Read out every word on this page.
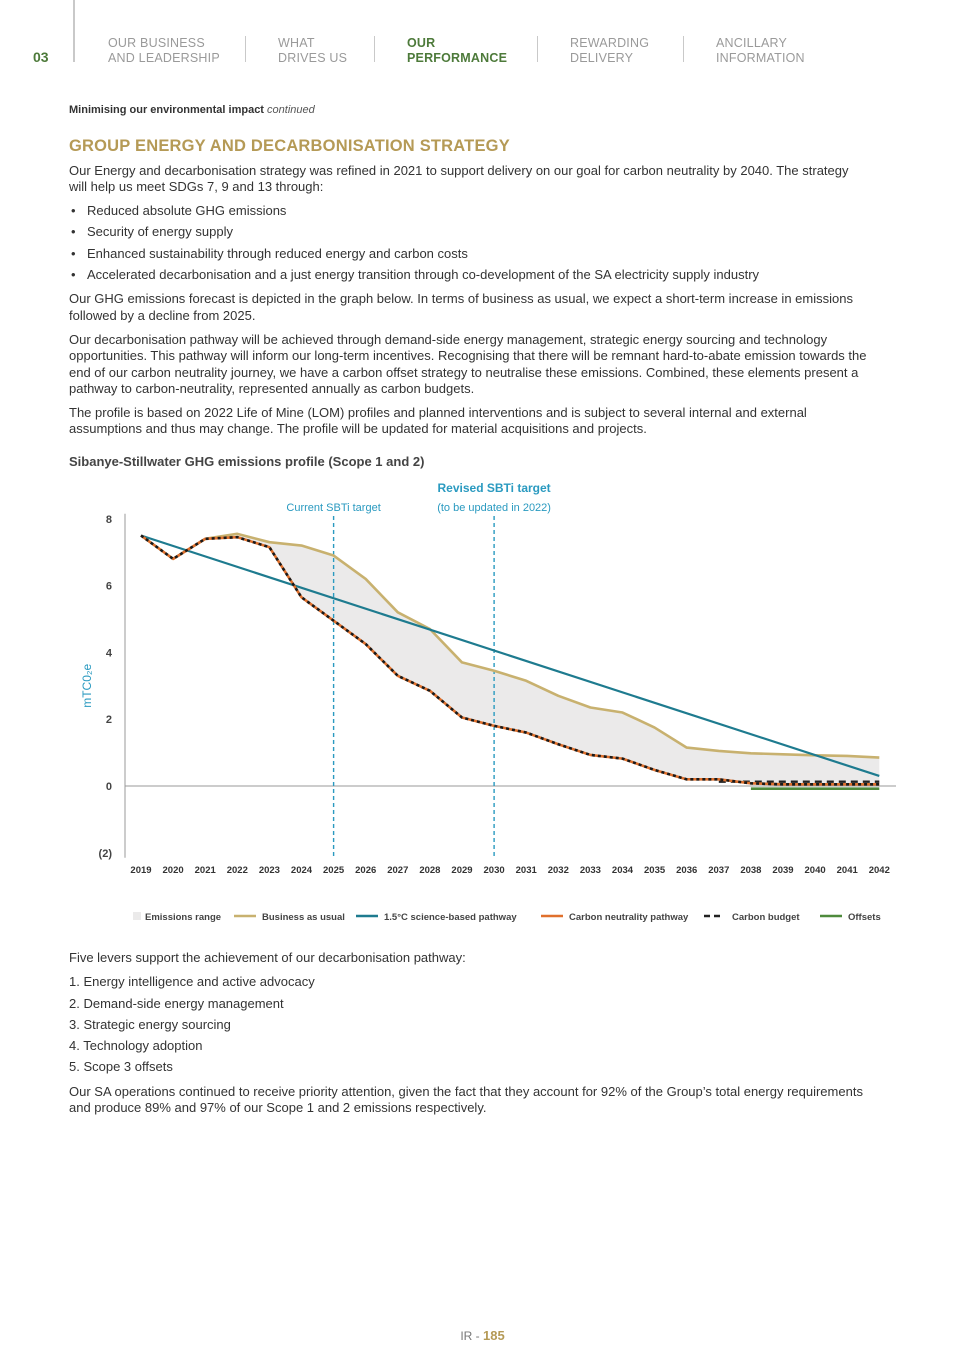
03
OUR BUSINESS
AND LEADERSHIP
WHAT
DRIVES US
OUR
PERFORMANCE
REWARDING
DELIVERY
ANCILLARY
INFORMATION
Minimising our environmental impact continued
GROUP ENERGY AND DECARBONISATION STRATEGY

Our Energy and decarbonisation strategy was refined in 2021 to support delivery on our goal for carbon neutrality by 2040. The strategy will help us meet SDGs 7, 9 and 13 through:

• Reduced absolute GHG emissions
• Security of energy supply
• Enhanced sustainability through reduced energy and carbon costs
• Accelerated decarbonisation and a just energy transition through co-development of the SA electricity supply industry

Our GHG emissions forecast is depicted in the graph below. In terms of business as usual, we expect a short-term increase in emissions followed by a decline from 2025.

Our decarbonisation pathway will be achieved through demand-side energy management, strategic energy sourcing and technology opportunities. This pathway will inform our long-term incentives. Recognising that there will be remnant hard-to-abate emission towards the end of our carbon neutrality journey, we have a carbon offset strategy to neutralise these emissions. Combined, these elements present a pathway to carbon-neutrality, represented annually as carbon budgets.

The profile is based on 2022 Life of Mine (LOM) profiles and planned interventions and is subject to several internal and external assumptions and thus may change. The profile will be updated for material acquisitions and projects.

Sibanye-Stillwater GHG emissions profile (Scope 1 and 2)
8
6
4
2
0
(2)
mTC0₂e
2019 2020 2021 2022 2023 2024 2025 2026 2027 2028 2029 2030 2031 2032 2033 2034 2035 2036 2037 2038 2039 2040 2041 2042
Current SBTi target
Revised SBTi target
(to be updated in 2022)
Emissions range	Business as usual	1.5°C science-based pathway	Carbon neutrality pathway	Carbon budget	Offsets

Five levers support the achievement of our decarbonisation pathway:

1. Energy intelligence and active advocacy
2. Demand-side energy management
3. Strategic energy sourcing
4. Technology adoption
5. Scope 3 offsets

Our SA operations continued to receive priority attention, given the fact that they account for 92% of the Group’s total energy requirements and produce 89% and 97% of our Scope 1 and 2 emissions respectively.

IR - 185
